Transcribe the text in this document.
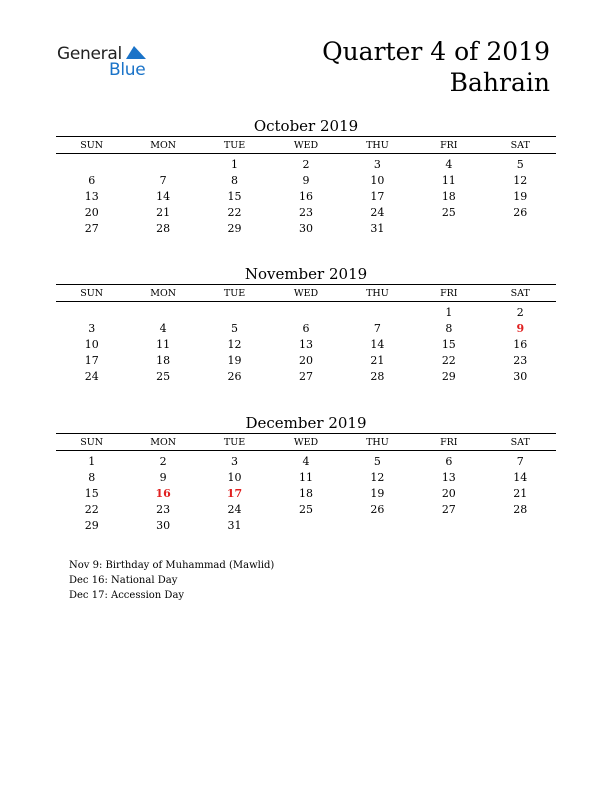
General
Blue
Quarter 4 of 2019
Bahrain
October 2019
SUN	MON	TUE	WED	THU	FRI	SAT
		1	2	3	4	5
6	7	8	9	10	11	12
13	14	15	16	17	18	19
20	21	22	23	24	25	26
27	28	29	30	31		
November 2019
SUN	MON	TUE	WED	THU	FRI	SAT
					1	2
3	4	5	6	7	8	9
10	11	12	13	14	15	16
17	18	19	20	21	22	23
24	25	26	27	28	29	30
December 2019
SUN	MON	TUE	WED	THU	FRI	SAT
1	2	3	4	5	6	7
8	9	10	11	12	13	14
15	16	17	18	19	20	21
22	23	24	25	26	27	28
29	30	31				
Nov 9: Birthday of Muhammad (Mawlid)
Dec 16: National Day
Dec 17: Accession Day
